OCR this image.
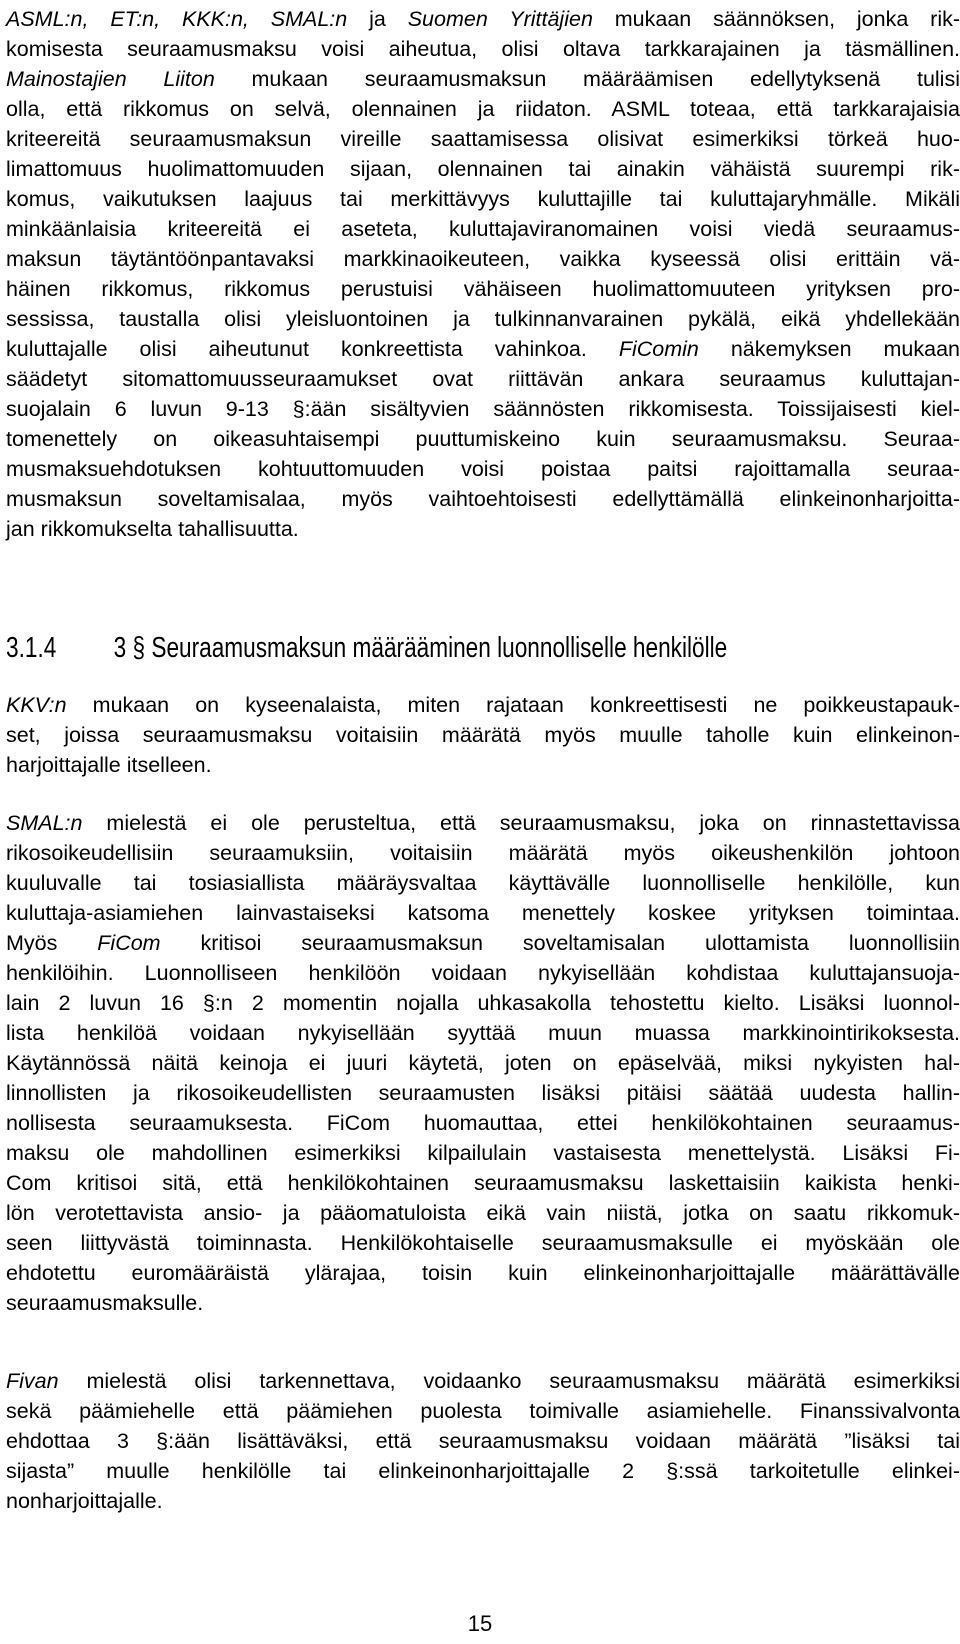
ASML:n, ET:n, KKK:n, SMAL:n ja Suomen Yrittäjien mukaan säännöksen, jonka rik-
komisesta seuraamusmaksu voisi aiheutua, olisi oltava tarkkarajainen ja täsmällinen.
Mainostajien Liiton mukaan seuraamusmaksun määräämisen edellytyksenä tulisi
olla, että rikkomus on selvä, olennainen ja riidaton. ASML toteaa, että tarkkarajaisia
kriteereitä seuraamusmaksun vireille saattamisessa olisivat esimerkiksi törkeä huo-
limattomuus huolimattomuuden sijaan, olennainen tai ainakin vähäistä suurempi rik-
komus, vaikutuksen laajuus tai merkittävyys kuluttajille tai kuluttajaryhmälle. Mikäli
minkäänlaisia kriteereitä ei aseteta, kuluttajaviranomainen voisi viedä seuraamus-
maksun täytäntöönpantavaksi markkinaoikeuteen, vaikka kyseessä olisi erittäin vä-
häinen rikkomus, rikkomus perustuisi vähäiseen huolimattomuuteen yrityksen pro-
sessissa, taustalla olisi yleisluontoinen ja tulkinnanvarainen pykälä, eikä yhdellekään
kuluttajalle olisi aiheutunut konkreettista vahinkoa. FiComin näkemyksen mukaan
säädetyt sitomattomuusseuraamukset ovat riittävän ankara seuraamus kuluttajan-
suojalain 6 luvun 9-13 §:ään sisältyvien säännösten rikkomisesta. Toissijaisesti kiel-
tomenettely on oikeasuhtaisempi puuttumiskeino kuin seuraamusmaksu. Seuraa-
musmaksuehdotuksen kohtuuttomuuden voisi poistaa paitsi rajoittamalla seuraa-
musmaksun soveltamisalaa, myös vaihtoehtoisesti edellyttämällä elinkeinonharjoitta-
jan rikkomukselta tahallisuutta.
3.1.4 3 § Seuraamusmaksun määrääminen luonnolliselle henkilölle
KKV:n mukaan on kyseenalaista, miten rajataan konkreettisesti ne poikkeustapauk-
set, joissa seuraamusmaksu voitaisiin määrätä myös muulle taholle kuin elinkeinon-
harjoittajalle itselleen.
SMAL:n mielestä ei ole perusteltua, että seuraamusmaksu, joka on rinnastettavissa
rikosoikeudellisiin seuraamuksiin, voitaisiin määrätä myös oikeushenkilön johtoon
kuuluvalle tai tosiasiallista määräysvaltaa käyttävälle luonnolliselle henkilölle, kun
kuluttaja-asiamiehen lainvastaiseksi katsoma menettely koskee yrityksen toimintaa.
Myös FiCom kritisoi seuraamusmaksun soveltamisalan ulottamista luonnollisiin
henkilöihin. Luonnolliseen henkilöön voidaan nykyisellään kohdistaa kuluttajansuoja-
lain 2 luvun 16 §:n 2 momentin nojalla uhkasakolla tehostettu kielto. Lisäksi luonnol-
lista henkilöä voidaan nykyisellään syyttää muun muassa markkinointirikoksesta.
Käytännössä näitä keinoja ei juuri käytetä, joten on epäselvää, miksi nykyisten hal-
linnollisten ja rikosoikeudellisten seuraamusten lisäksi pitäisi säätää uudesta hallin-
nollisesta seuraamuksesta. FiCom huomauttaa, ettei henkilökohtainen seuraamus-
maksu ole mahdollinen esimerkiksi kilpailulain vastaisesta menettelystä. Lisäksi Fi-
Com kritisoi sitä, että henkilökohtainen seuraamusmaksu laskettaisiin kaikista henki-
lön verotettavista ansio- ja pääomatuloista eikä vain niistä, jotka on saatu rikkomuk-
seen liittyvästä toiminnasta. Henkilökohtaiselle seuraamusmaksulle ei myöskään ole
ehdotettu euromääräistä ylärajaa, toisin kuin elinkeinonharjoittajalle määrättävälle
seuraamusmaksulle.
Fivan mielestä olisi tarkennettava, voidaanko seuraamusmaksu määrätä esimerkiksi
sekä päämiehelle että päämiehen puolesta toimivalle asiamiehelle. Finanssivalvonta
ehdottaa 3 §:ään lisättäväksi, että seuraamusmaksu voidaan määrätä ”lisäksi tai
sijasta” muulle henkilölle tai elinkeinonharjoittajalle 2 §:ssä tarkoitetulle elinkei-
nonharjoittajalle.
15
